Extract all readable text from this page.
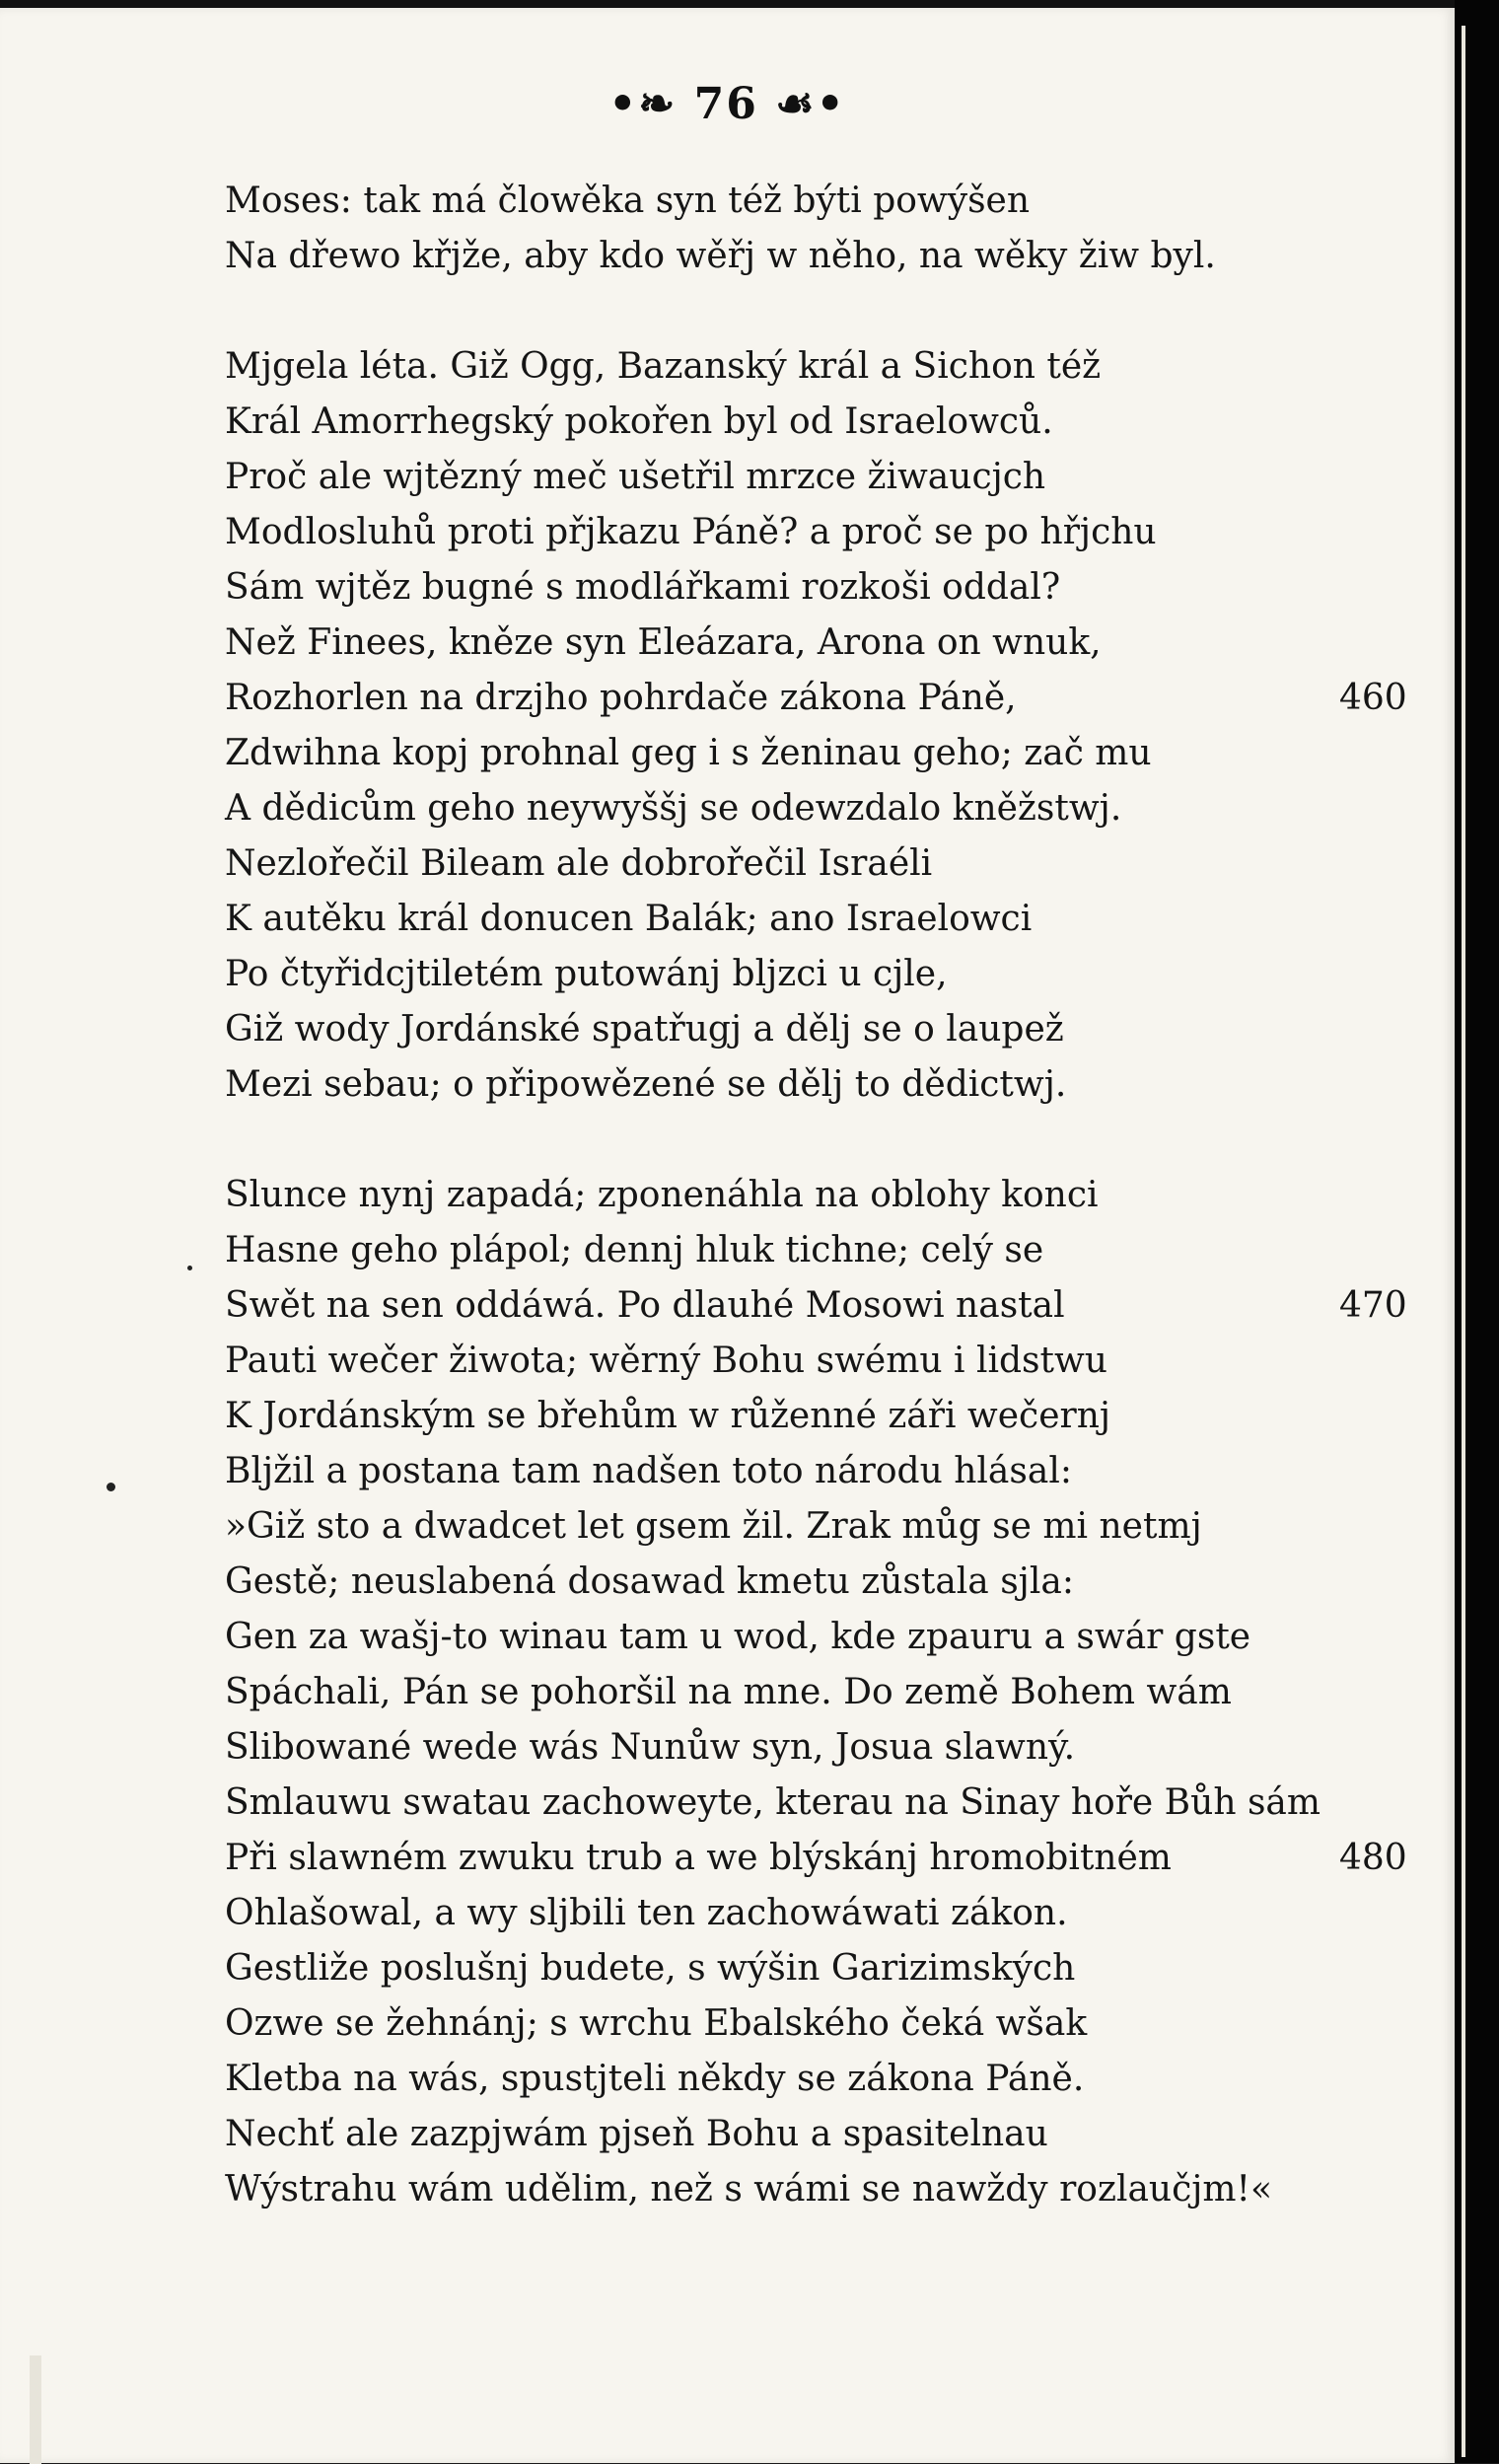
•❧ 76 ☙•
Moses: tak má člowěka syn též býti powýšen
Na dřewo křjže, aby kdo wěřj w něho, na wěky žiw byl.
Mjgela léta. Giž Ogg, Bazanský král a Sichon též
Král Amorrhegský pokořen byl od Israelowců.
Proč ale wjtězný meč ušetřil mrzce žiwaucjch
Modlosluhů proti přjkazu Páně? a proč se po hřjchu
Sám wjtěz bugné s modlářkami rozkoši oddal?
Než Finees, kněze syn Eleázara, Arona on wnuk,
Rozhorlen na drzjho pohrdače zákona Páně,	460
Zdwihna kopj prohnal geg i s ženinau geho; zač mu
A dědicům geho neywyššj se odewzdalo kněžstwj.
Nezlořečil Bileam ale dobrořečil Israéli
K autěku král donucen Balák; ano Israelowci
Po čtyřidcjtiletém putowánj bljzci u cjle,
Giž wody Jordánské spatřugj a dělj se o laupež
Mezi sebau; o připowězené se dělj to dědictwj.
Slunce nynj zapadá; zponenáhla na oblohy konci
Hasne geho plápol; dennj hluk tichne; celý se
Swět na sen oddáwá. Po dlauhé Mosowi nastal	470
Pauti wečer žiwota; wěrný Bohu swému i lidstwu
K Jordánským se břehům w růženné záři wečernj
Bljžil a postana tam nadšen toto národu hlásal:
»Giž sto a dwadcet let gsem žil. Zrak můg se mi netmj
Gestě; neuslabená dosawad kmetu zůstala sjla:
Gen za wašj-to winau tam u wod, kde zpauru a swár gste
Spáchali, Pán se pohoršil na mne. Do země Bohem wám
Slibowané wede wás Nunůw syn, Josua slawný.
Smlauwu swatau zachoweyte, kterau na Sinay hoře Bůh sám
Při slawném zwuku trub a we blýskánj hromobitném	480
Ohlašowal, a wy sljbili ten zachowáwati zákon.
Gestliže poslušnj budete, s wýšin Garizimských
Ozwe se žehnánj; s wrchu Ebalského čeká wšak
Kletba na wás, spustjteli někdy se zákona Páně.
Nechť ale zazpjwám pjseň Bohu a spasitelnau
Wýstrahu wám udělim, než s wámi se nawždy rozlaučjm!«
